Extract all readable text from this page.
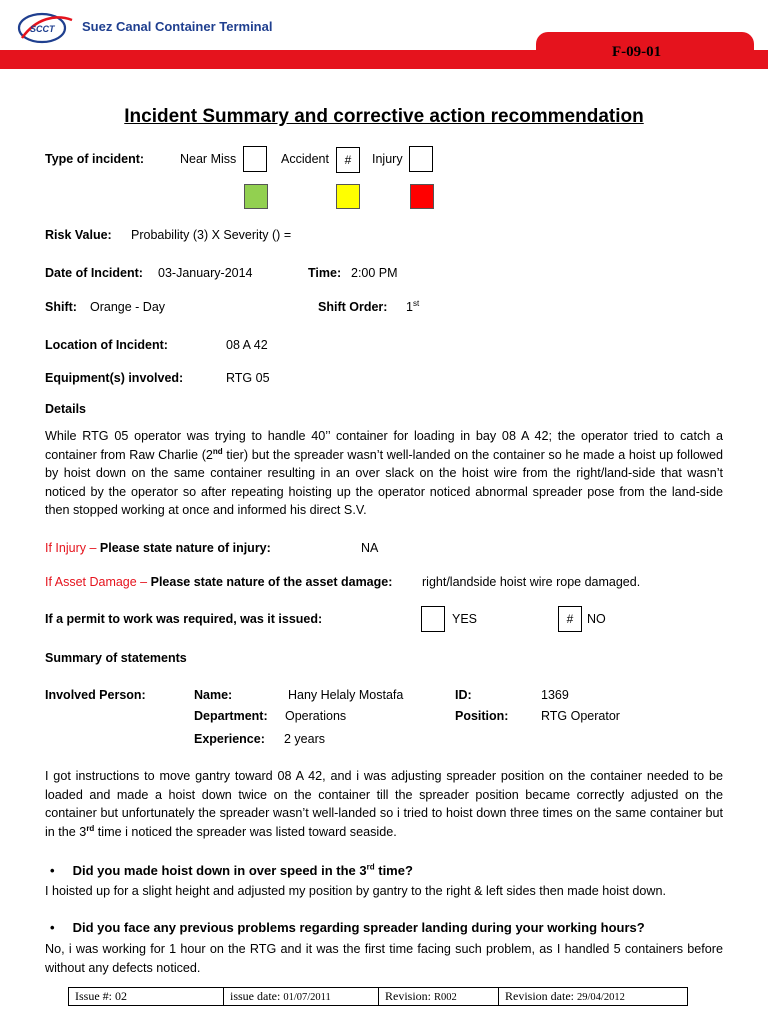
SCCT Suez Canal Container Terminal
F-09-01
Incident Summary and corrective action recommendation
Type of incident:	Near Miss	Accident	#	Injury
Risk Value: Probability (3) X Severity () =
Date of Incident: 03-January-2014	Time: 2:00 PM
Shift: Orange - Day	Shift Order: 1st
Location of Incident:	08 A 42
Equipment(s) involved:	RTG 05
Details
While RTG 05 operator was trying to handle 40’’ container for loading in bay 08 A 42; the operator tried to catch a container from Raw Charlie (2nd tier) but the spreader wasn’t well-landed on the container so he made a hoist up followed by hoist down on the same container resulting in an over slack on the hoist wire from the right/land-side that wasn’t noticed by the operator so after repeating hoisting up the operator noticed abnormal spreader pose from the land-side then stopped working at once and informed his direct S.V.
If Injury – Please state nature of injury:	NA
If Asset Damage – Please state nature of the asset damage: right/landside hoist wire rope damaged.
If a permit to work was required, was it issued:	YES	#	NO
Summary of statements
Involved Person:	Name:	Hany Helaly Mostafa	ID:	1369
Department: Operations	Position:	RTG Operator
Experience: 2 years
I got instructions to move gantry toward 08 A 42, and i was adjusting spreader position on the container needed to be loaded and made a hoist down twice on the container till the spreader position became correctly adjusted on the container but unfortunately the spreader wasn’t well-landed so i tried to hoist down three times on the same container but in the 3rd time i noticed the spreader was listed toward seaside.
•     Did you made hoist down in over speed in the 3rd time?
I hoisted up for a slight height and adjusted my position by gantry to the right & left sides then made hoist down.
•     Did you face any previous problems regarding spreader landing during your working hours?
No, i was working for 1 hour on the RTG and it was the first time facing such problem, as I handled 5 containers before without any defects noticed.
Issue #: 02	issue date: 01/07/2011	Revision: R002	Revision date: 29/04/2012
